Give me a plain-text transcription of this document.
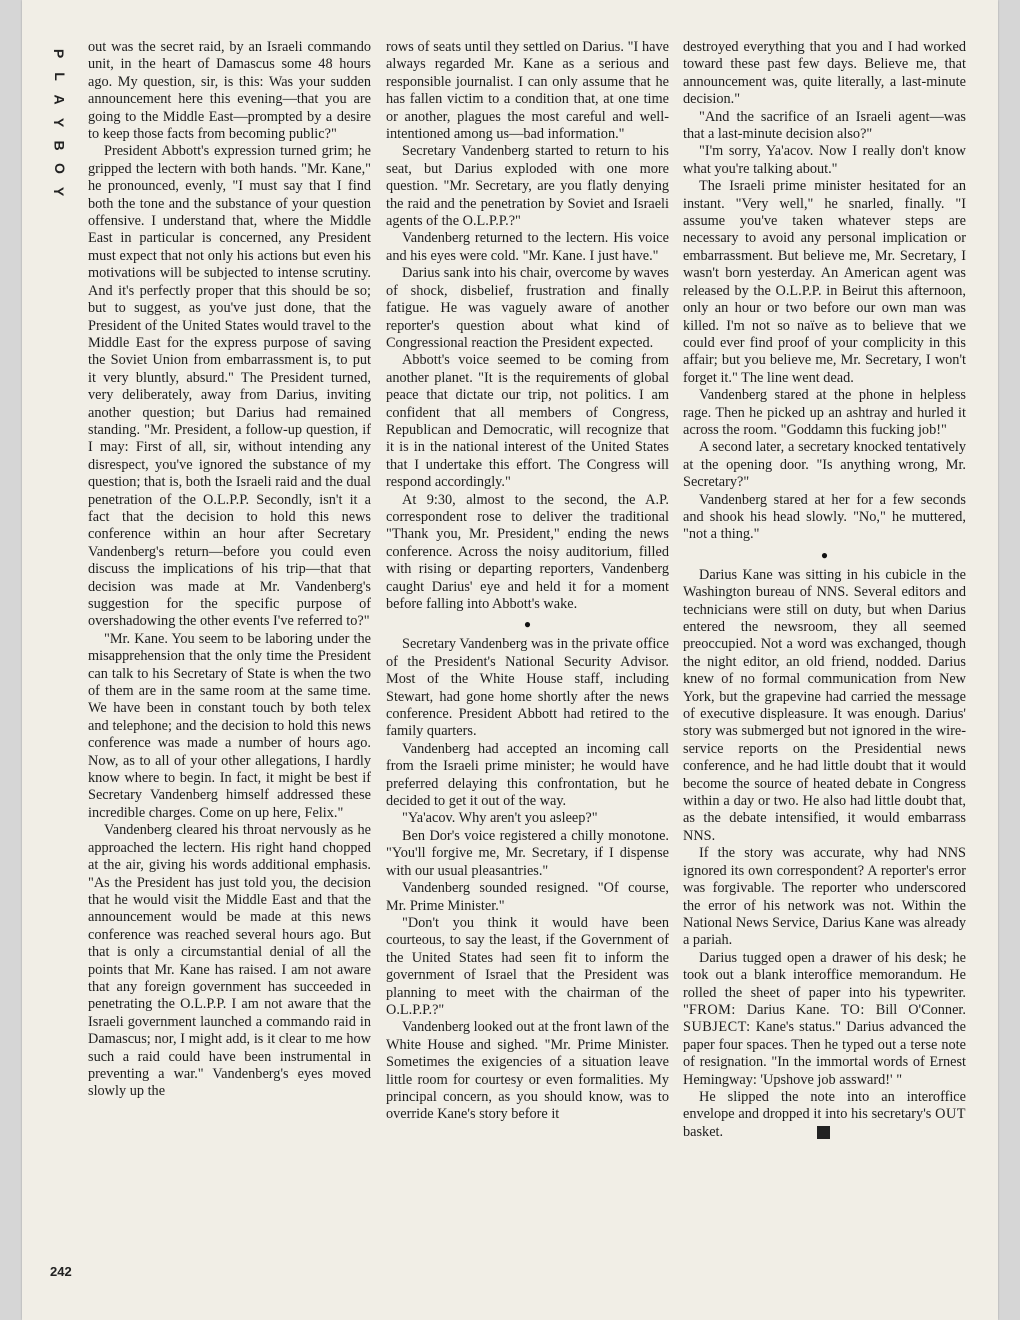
P
L
A
Y
B
O
Y

out was the secret raid, by an Israeli commando unit, in the heart of Damascus some 48 hours ago. My question, sir, is this: Was your sudden announcement here this evening—that you are going to the Middle East—prompted by a desire to keep those facts from becoming public?"

President Abbott's expression turned grim; he gripped the lectern with both hands. "Mr. Kane," he pronounced, evenly, "I must say that I find both the tone and the substance of your question offensive. I understand that, where the Middle East in particular is concerned, any President must expect that not only his actions but even his motivations will be subjected to intense scrutiny. And it's perfectly proper that this should be so; but to suggest, as you've just done, that the President of the United States would travel to the Middle East for the express purpose of saving the Soviet Union from embarrassment is, to put it very bluntly, absurd." The President turned, very deliberately, away from Darius, inviting another question; but Darius had remained standing. "Mr. President, a follow-up question, if I may: First of all, sir, without intending any disrespect, you've ignored the substance of my question; that is, both the Israeli raid and the dual penetration of the O.L.P.P. Secondly, isn't it a fact that the decision to hold this news conference within an hour after Secretary Vandenberg's return—before you could even discuss the implications of his trip—that that decision was made at Mr. Vandenberg's suggestion for the specific purpose of overshadowing the other events I've referred to?"

"Mr. Kane. You seem to be laboring under the misapprehension that the only time the President can talk to his Secretary of State is when the two of them are in the same room at the same time. We have been in constant touch by both telex and telephone; and the decision to hold this news conference was made a number of hours ago. Now, as to all of your other allegations, I hardly know where to begin. In fact, it might be best if Secretary Vandenberg himself addressed these incredible charges. Come on up here, Felix."

Vandenberg cleared his throat nervously as he approached the lectern. His right hand chopped at the air, giving his words additional emphasis. "As the President has just told you, the decision that he would visit the Middle East and that the announcement would be made at this news conference was reached several hours ago. But that is only a circumstantial denial of all the points that Mr. Kane has raised. I am not aware that any foreign government has succeeded in penetrating the O.L.P.P. I am not aware that the Israeli government launched a commando raid in Damascus; nor, I might add, is it clear to me how such a raid could have been instrumental in preventing a war." Vandenberg's eyes moved slowly up the

rows of seats until they settled on Darius. "I have always regarded Mr. Kane as a serious and responsible journalist. I can only assume that he has fallen victim to a condition that, at one time or another, plagues the most careful and well-intentioned among us—bad information."

Secretary Vandenberg started to return to his seat, but Darius exploded with one more question. "Mr. Secretary, are you flatly denying the raid and the penetration by Soviet and Israeli agents of the O.L.P.P.?"

Vandenberg returned to the lectern. His voice and his eyes were cold. "Mr. Kane. I just have."

Darius sank into his chair, overcome by waves of shock, disbelief, frustration and finally fatigue. He was vaguely aware of another reporter's question about what kind of Congressional reaction the President expected.

Abbott's voice seemed to be coming from another planet. "It is the requirements of global peace that dictate our trip, not politics. I am confident that all members of Congress, Republican and Democratic, will recognize that it is in the national interest of the United States that I undertake this effort. The Congress will respond accordingly."

At 9:30, almost to the second, the A.P. correspondent rose to deliver the traditional "Thank you, Mr. President," ending the news conference. Across the noisy auditorium, filled with rising or departing reporters, Vandenberg caught Darius' eye and held it for a moment before falling into Abbott's wake.

●

Secretary Vandenberg was in the private office of the President's National Security Advisor. Most of the White House staff, including Stewart, had gone home shortly after the news conference. President Abbott had retired to the family quarters.

Vandenberg had accepted an incoming call from the Israeli prime minister; he would have preferred delaying this confrontation, but he decided to get it out of the way.

"Ya'acov. Why aren't you asleep?"

Ben Dor's voice registered a chilly monotone. "You'll forgive me, Mr. Secretary, if I dispense with our usual pleasantries."

Vandenberg sounded resigned. "Of course, Mr. Prime Minister."

"Don't you think it would have been courteous, to say the least, if the Government of the United States had seen fit to inform the government of Israel that the President was planning to meet with the chairman of the O.L.P.P.?"

Vandenberg looked out at the front lawn of the White House and sighed. "Mr. Prime Minister. Sometimes the exigencies of a situation leave little room for courtesy or even formalities. My principal concern, as you should know, was to override Kane's story before it

destroyed everything that you and I had worked toward these past few days. Believe me, that announcement was, quite literally, a last-minute decision."

"And the sacrifice of an Israeli agent—was that a last-minute decision also?"

"I'm sorry, Ya'acov. Now I really don't know what you're talking about."

The Israeli prime minister hesitated for an instant. "Very well," he snarled, finally. "I assume you've taken whatever steps are necessary to avoid any personal implication or embarrassment. But believe me, Mr. Secretary, I wasn't born yesterday. An American agent was released by the O.L.P.P. in Beirut this afternoon, only an hour or two before our own man was killed. I'm not so naïve as to believe that we could ever find proof of your complicity in this affair; but you believe me, Mr. Secretary, I won't forget it." The line went dead.

Vandenberg stared at the phone in helpless rage. Then he picked up an ashtray and hurled it across the room. "Goddamn this fucking job!"

A second later, a secretary knocked tentatively at the opening door. "Is anything wrong, Mr. Secretary?"

Vandenberg stared at her for a few seconds and shook his head slowly. "No," he muttered, "not a thing."

●

Darius Kane was sitting in his cubicle in the Washington bureau of NNS. Several editors and technicians were still on duty, but when Darius entered the newsroom, they all seemed preoccupied. Not a word was exchanged, though the night editor, an old friend, nodded. Darius knew of no formal communication from New York, but the grapevine had carried the message of executive displeasure. It was enough. Darius' story was submerged but not ignored in the wire-service reports on the Presidential news conference, and he had little doubt that it would become the source of heated debate in Congress within a day or two. He also had little doubt that, as the debate intensified, it would embarrass NNS.

If the story was accurate, why had NNS ignored its own correspondent? A reporter's error was forgivable. The reporter who underscored the error of his network was not. Within the National News Service, Darius Kane was already a pariah.

Darius tugged open a drawer of his desk; he took out a blank interoffice memorandum. He rolled the sheet of paper into his typewriter. "FROM: Darius Kane. TO: Bill O'Conner. SUBJECT: Kane's status." Darius advanced the paper four spaces. Then he typed out a terse note of resignation. "In the immortal words of Ernest Hemingway: 'Upshove job assward!' "

He slipped the note into an interoffice envelope and dropped it into his secretary's OUT basket.	◆

242
